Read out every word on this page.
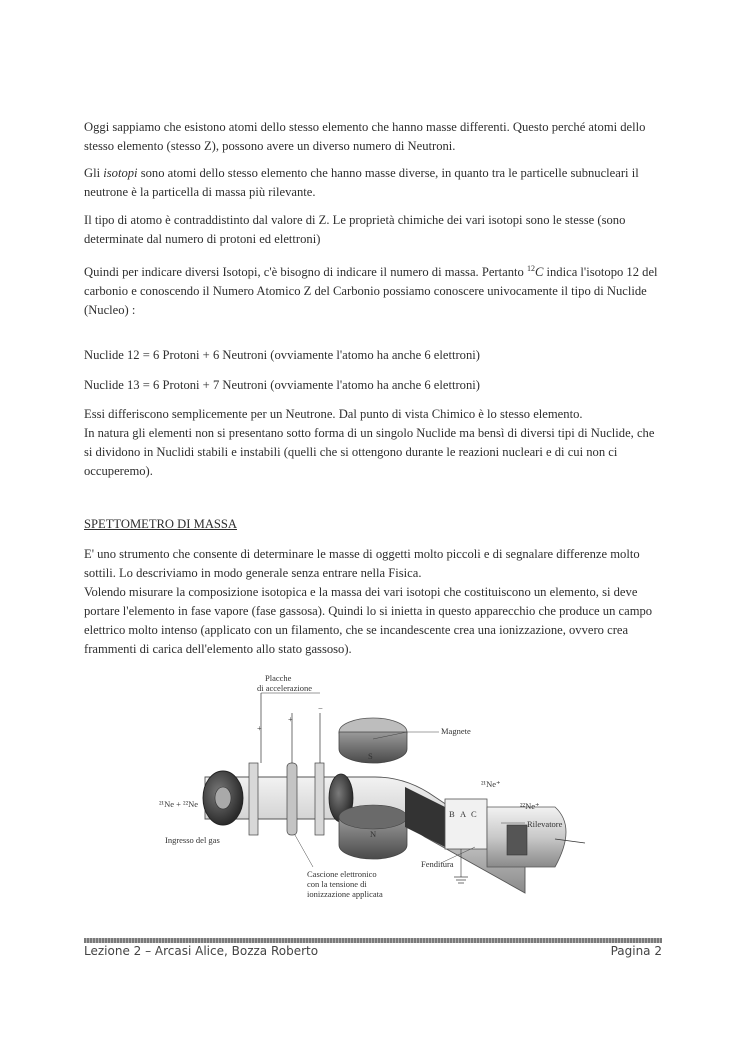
Oggi sappiamo che esistono atomi dello stesso elemento che hanno masse differenti. Questo perché atomi dello stesso elemento (stesso Z), possono avere un diverso numero di Neutroni.

Gli isotopi sono atomi dello stesso elemento che hanno masse diverse, in quanto tra le particelle subnucleari il neutrone è la particella di massa più rilevante.

Il tipo di atomo è contraddistinto dal valore di Z. Le proprietà chimiche dei vari isotopi sono le stesse (sono determinate dal numero di protoni ed elettroni)

Quindi per indicare diversi Isotopi, c'è bisogno di indicare il numero di massa. Pertanto $^{12}$C indica l'isotopo 12 del carbonio e conoscendo il Numero Atomico Z del Carbonio possiamo conoscere univocamente il tipo di Nuclide (Nucleo) :

Nuclide 12 = 6 Protoni + 6 Neutroni (ovviamente l'atomo ha anche 6 elettroni)

Nuclide 13 = 6 Protoni + 7 Neutroni (ovviamente l'atomo ha anche 6 elettroni)

Essi differiscono semplicemente per un Neutrone. Dal punto di vista Chimico è lo stesso elemento.

In natura gli elementi non si presentano sotto forma di un singolo Nuclide ma bensì di diversi tipi di Nuclide, che si dividono in Nuclidi stabili e instabili (quelli che si ottengono durante le reazioni nucleari e di cui non ci occuperemo).

SPETTOMETRO DI MASSA

E' uno strumento che consente di determinare le masse di oggetti molto piccoli e di segnalare differenze molto sottili. Lo descriviamo in modo generale senza entrare nella Fisica.

Volendo misurare la composizione isotopica e la massa dei vari isotopi che costituiscono un elemento, si deve portare l'elemento in fase vapore (fase gassosa). Quindi lo si inietta in questo apparecchio che produce un campo elettrico molto intenso (applicato con un filamento, che se incandescente crea una ionizzazione, ovvero crea frammenti di carica dell'elemento allo stato gassoso).

S
+
+
−
N
B A C
Placche
di accelerazione
Magnete
²¹Ne⁺
²²Ne⁺
²¹Ne + ²²Ne
Ingresso del gas
Rilevatore
Fenditura
Cascione elettronico
con la tensione di
ionizzazione applicata
Lezione 2 – Arcasi Alice, Bozza Roberto	Pagina 2
